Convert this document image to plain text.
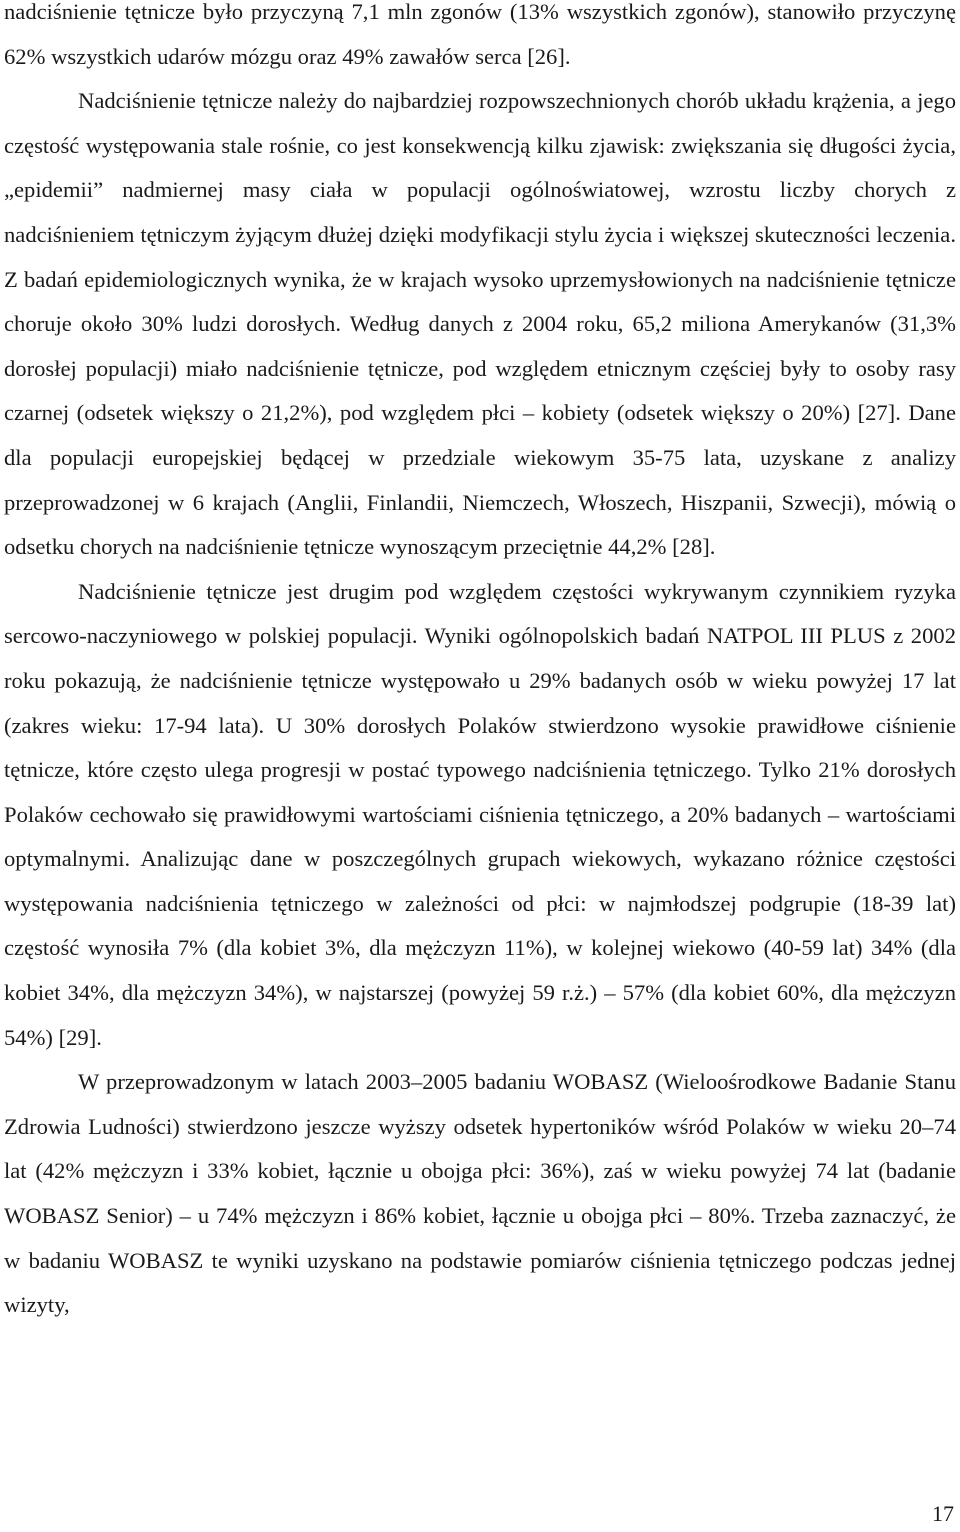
nadciśnienie tętnicze było przyczyną 7,1 mln zgonów (13% wszystkich zgonów), stanowiło przyczynę 62% wszystkich udarów mózgu oraz 49% zawałów serca [26].

Nadciśnienie tętnicze należy do najbardziej rozpowszechnionych chorób układu krążenia, a jego częstość występowania stale rośnie, co jest konsekwencją kilku zjawisk: zwiększania się długości życia, „epidemii” nadmiernej masy ciała w populacji ogólnoświatowej, wzrostu liczby chorych z nadciśnieniem tętniczym żyjącym dłużej dzięki modyfikacji stylu życia i większej skuteczności leczenia. Z badań epidemiologicznych wynika, że w krajach wysoko uprzemysłowionych na nadciśnienie tętnicze choruje około 30% ludzi dorosłych. Według danych z 2004 roku, 65,2 miliona Amerykanów (31,3% dorosłej populacji) miało nadciśnienie tętnicze, pod względem etnicznym częściej były to osoby rasy czarnej (odsetek większy o 21,2%), pod względem płci – kobiety (odsetek większy o 20%) [27]. Dane dla populacji europejskiej będącej w przedziale wiekowym 35-75 lata, uzyskane z analizy przeprowadzonej w 6 krajach (Anglii, Finlandii, Niemczech, Włoszech, Hiszpanii, Szwecji), mówią o odsetku chorych na nadciśnienie tętnicze wynoszącym przeciętnie 44,2% [28].

Nadciśnienie tętnicze jest drugim pod względem częstości wykrywanym czynnikiem ryzyka sercowo-naczyniowego w polskiej populacji. Wyniki ogólnopolskich badań NATPOL III PLUS z 2002 roku pokazują, że nadciśnienie tętnicze występowało u 29% badanych osób w wieku powyżej 17 lat (zakres wieku: 17-94 lata). U 30% dorosłych Polaków stwierdzono wysokie prawidłowe ciśnienie tętnicze, które często ulega progresji w postać typowego nadciśnienia tętniczego. Tylko 21% dorosłych Polaków cechowało się prawidłowymi wartościami ciśnienia tętniczego, a 20% badanych – wartościami optymalnymi. Analizując dane w poszczególnych grupach wiekowych, wykazano różnice częstości występowania nadciśnienia tętniczego w zależności od płci: w najmłodszej podgrupie (18-39 lat) częstość wynosiła 7% (dla kobiet 3%, dla mężczyzn 11%), w kolejnej wiekowo (40-59 lat) 34% (dla kobiet 34%, dla mężczyzn 34%), w najstarszej (powyżej 59 r.ż.) – 57% (dla kobiet 60%, dla mężczyzn 54%) [29].

W przeprowadzonym w latach 2003–2005 badaniu WOBASZ (Wieloośrodkowe Badanie Stanu Zdrowia Ludności) stwierdzono jeszcze wyższy odsetek hypertoników wśród Polaków w wieku 20–74 lat (42% mężczyzn i 33% kobiet, łącznie u obojga płci: 36%), zaś w wieku powyżej 74 lat (badanie WOBASZ Senior) – u 74% mężczyzn i 86% kobiet, łącznie u obojga płci – 80%. Trzeba zaznaczyć, że w badaniu WOBASZ te wyniki uzyskano na podstawie pomiarów ciśnienia tętniczego podczas jednej wizyty,

17
